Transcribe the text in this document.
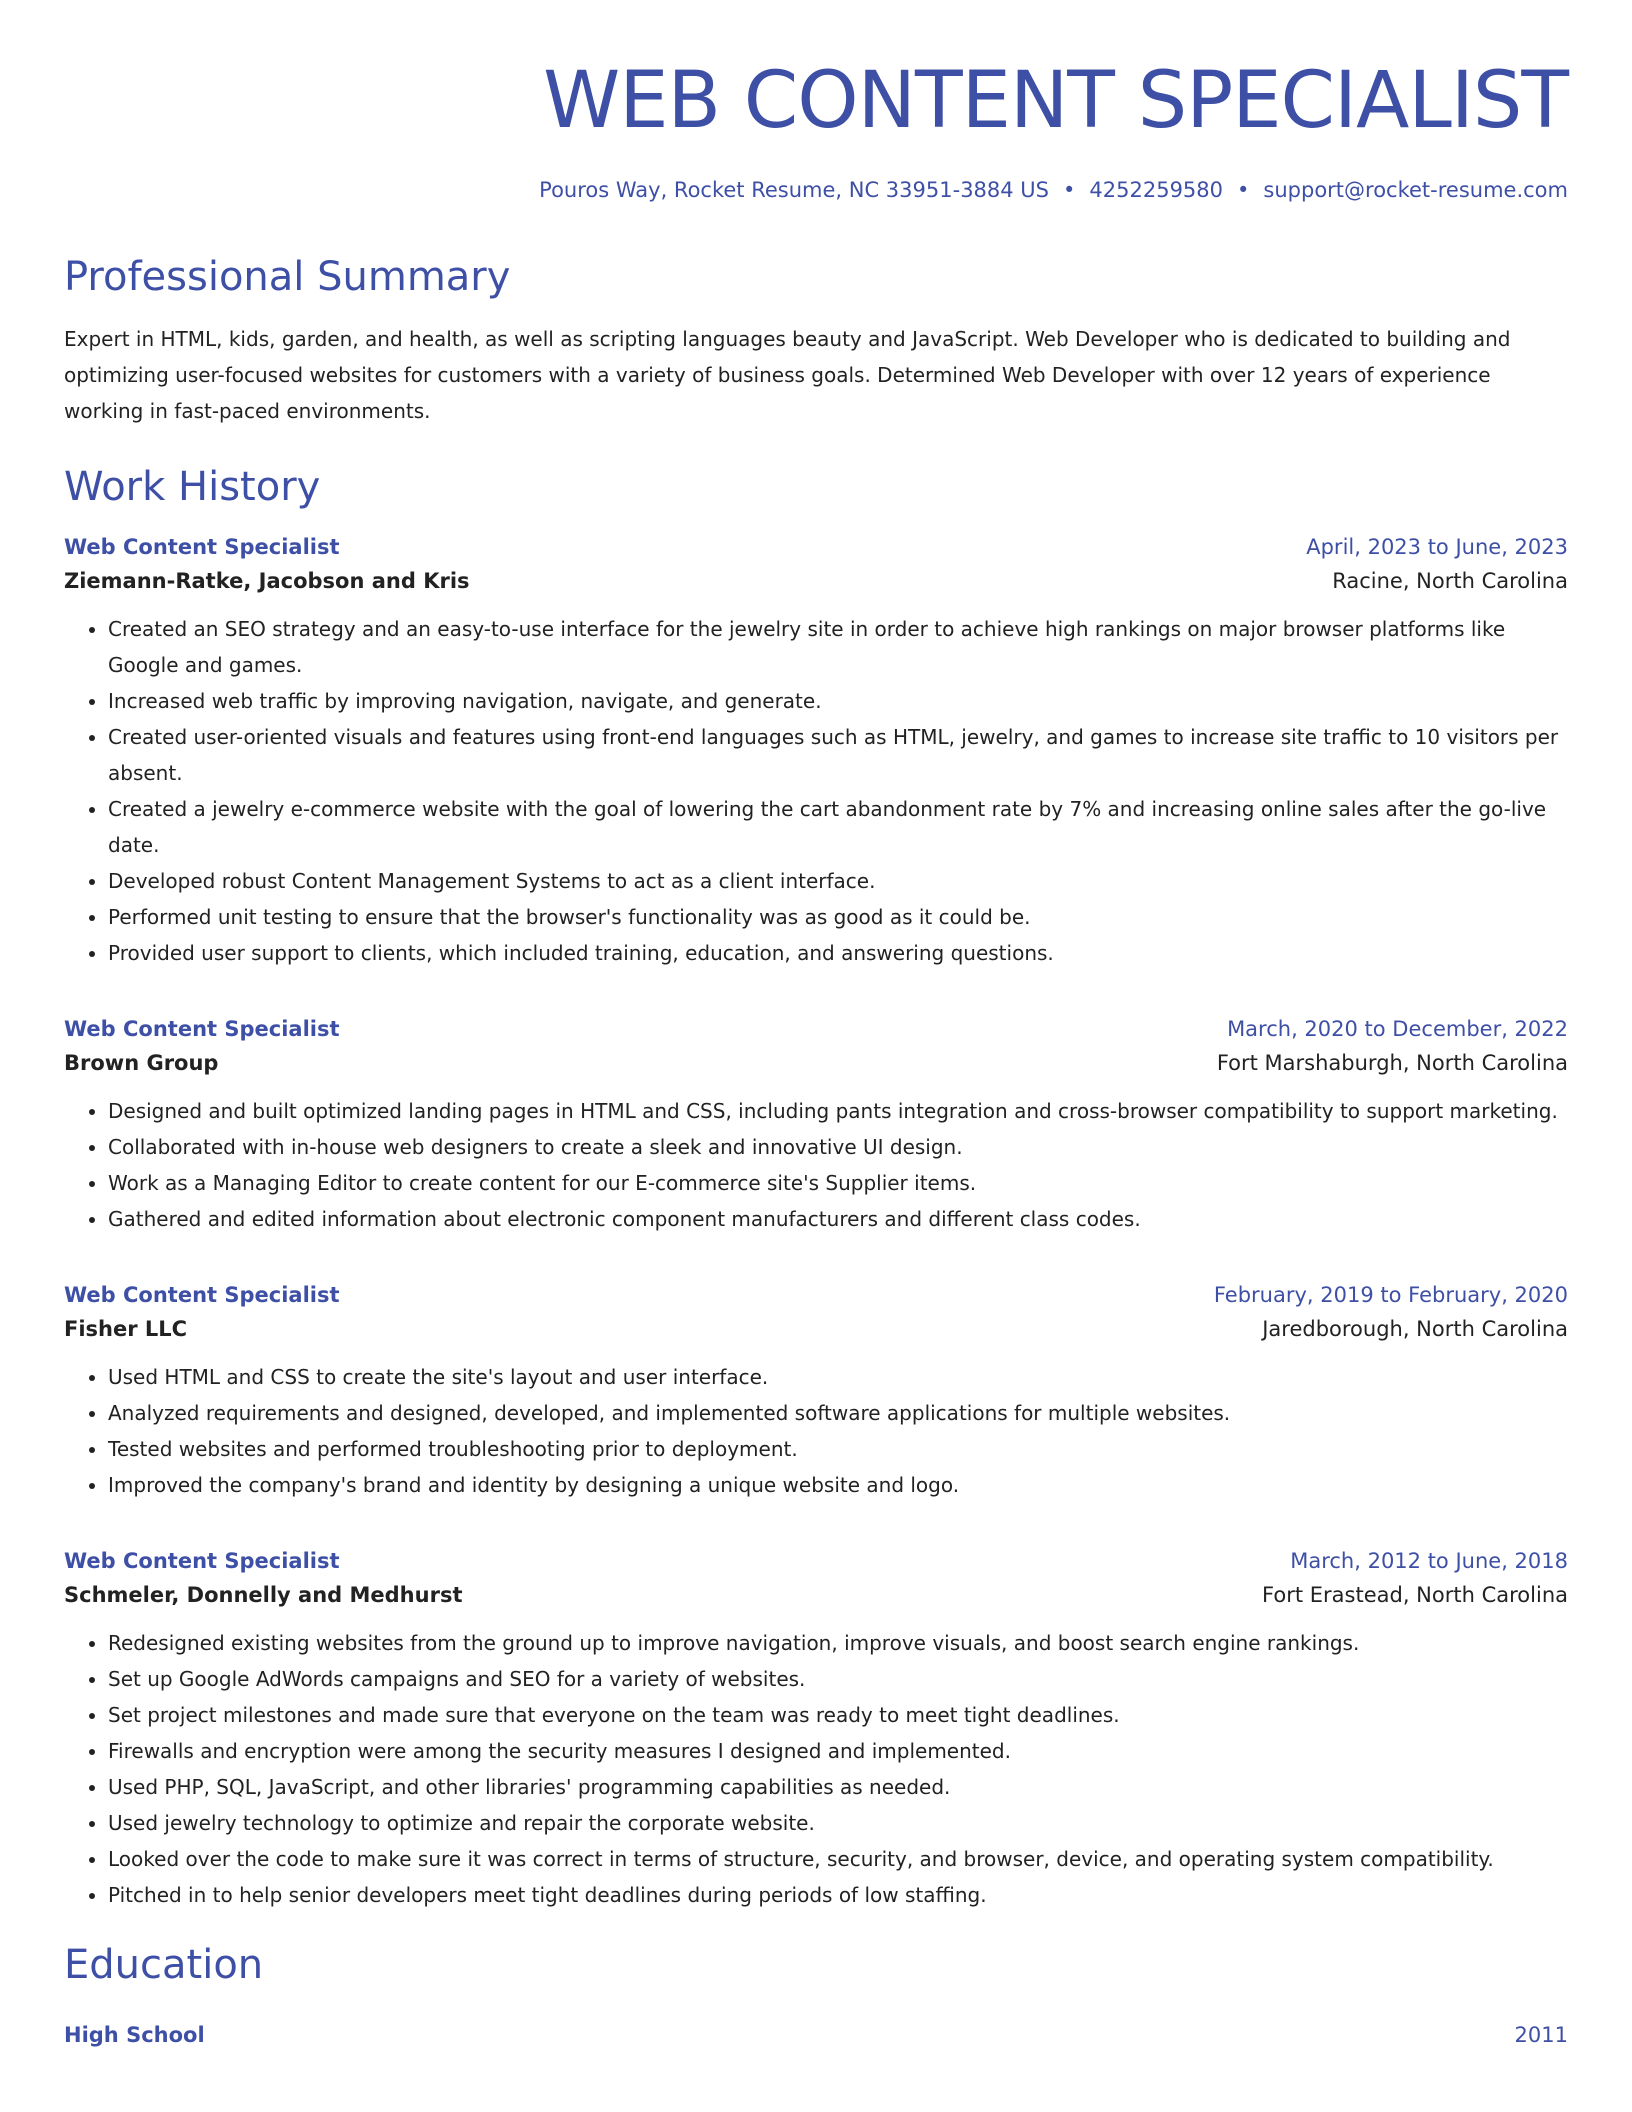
WEB CONTENT SPECIALIST
Pouros Way, Rocket Resume, NC 33951-3884 US • 4252259580 • support@rocket-resume.com
Professional Summary
Expert in HTML, kids, garden, and health, as well as scripting languages beauty and JavaScript. Web Developer who is dedicated to building and optimizing user-focused websites for customers with a variety of business goals. Determined Web Developer with over 12 years of experience working in fast-paced environments.
Work History
Web Content Specialist	April, 2023 to June, 2023
Ziemann-Ratke, Jacobson and Kris	Racine, North Carolina
• Created an SEO strategy and an easy-to-use interface for the jewelry site in order to achieve high rankings on major browser platforms like Google and games.
• Increased web traffic by improving navigation, navigate, and generate.
• Created user-oriented visuals and features using front-end languages such as HTML, jewelry, and games to increase site traffic to 10 visitors per absent.
• Created a jewelry e-commerce website with the goal of lowering the cart abandonment rate by 7% and increasing online sales after the go-live date.
• Developed robust Content Management Systems to act as a client interface.
• Performed unit testing to ensure that the browser's functionality was as good as it could be.
• Provided user support to clients, which included training, education, and answering questions.
Web Content Specialist	March, 2020 to December, 2022
Brown Group	Fort Marshaburgh, North Carolina
• Designed and built optimized landing pages in HTML and CSS, including pants integration and cross-browser compatibility to support marketing.
• Collaborated with in-house web designers to create a sleek and innovative UI design.
• Work as a Managing Editor to create content for our E-commerce site's Supplier items.
• Gathered and edited information about electronic component manufacturers and different class codes.
Web Content Specialist	February, 2019 to February, 2020
Fisher LLC	Jaredborough, North Carolina
• Used HTML and CSS to create the site's layout and user interface.
• Analyzed requirements and designed, developed, and implemented software applications for multiple websites.
• Tested websites and performed troubleshooting prior to deployment.
• Improved the company's brand and identity by designing a unique website and logo.
Web Content Specialist	March, 2012 to June, 2018
Schmeler, Donnelly and Medhurst	Fort Erastead, North Carolina
• Redesigned existing websites from the ground up to improve navigation, improve visuals, and boost search engine rankings.
• Set up Google AdWords campaigns and SEO for a variety of websites.
• Set project milestones and made sure that everyone on the team was ready to meet tight deadlines.
• Firewalls and encryption were among the security measures I designed and implemented.
• Used PHP, SQL, JavaScript, and other libraries' programming capabilities as needed.
• Used jewelry technology to optimize and repair the corporate website.
• Looked over the code to make sure it was correct in terms of structure, security, and browser, device, and operating system compatibility.
• Pitched in to help senior developers meet tight deadlines during periods of low staffing.
Education
High School	2011
